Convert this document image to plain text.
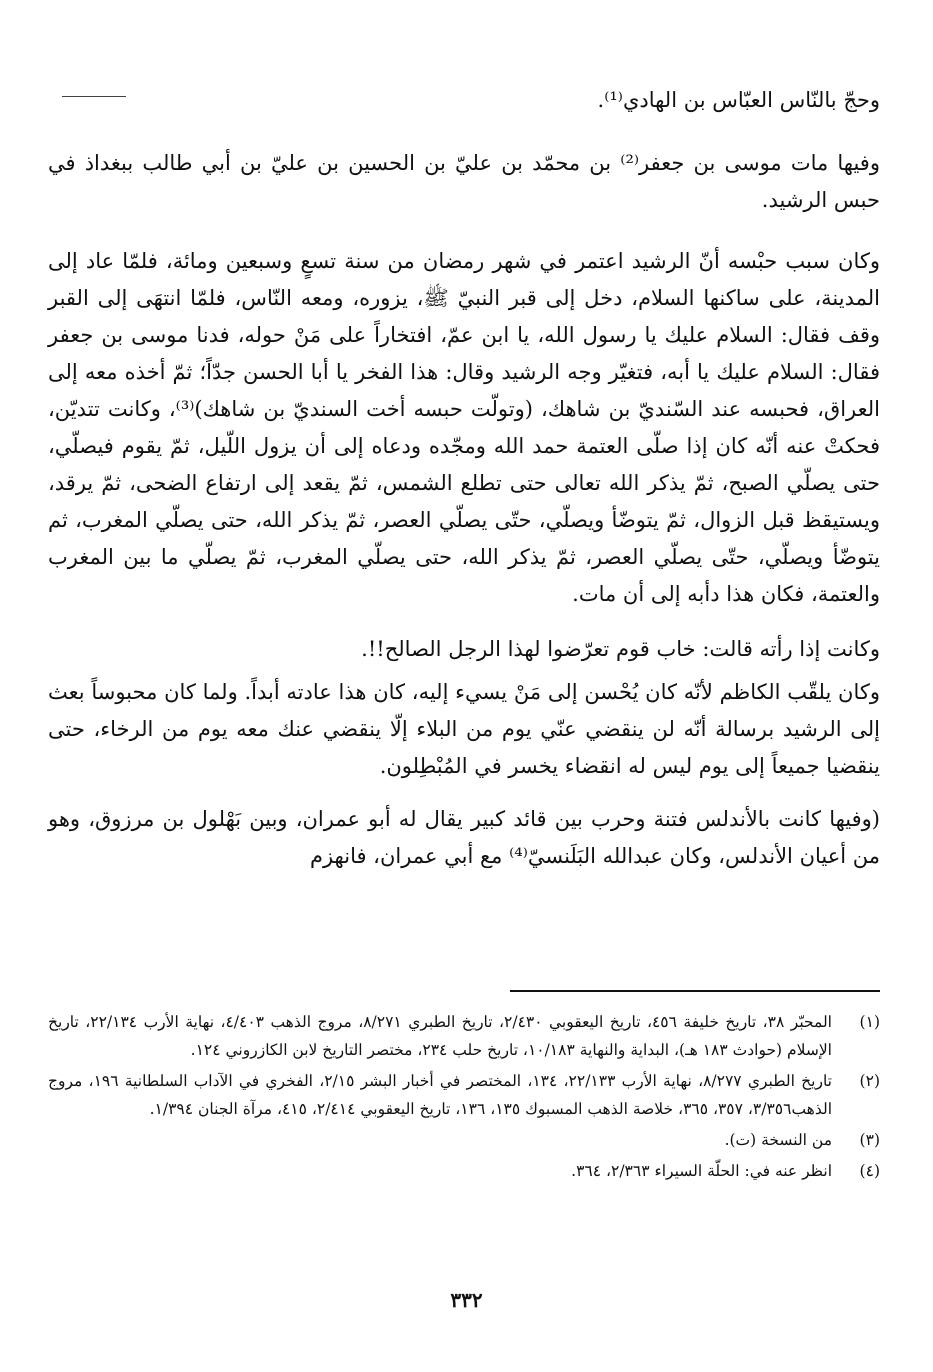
وحجّ بالنّاس العبّاس بن الهادي⁽¹⁾.

وفيها مات موسى بن جعفر⁽²⁾ بن محمّد بن عليّ بن الحسين بن عليّ بن أبي طالب ببغداذ في حبس الرشيد.

وكان سبب حبْسه أنّ الرشيد اعتمر في شهر رمضان من سنة تسعٍ وسبعين ومائة، فلمّا عاد إلى المدينة، على ساكنها السلام، دخل إلى قبر النبيّ ﷺ، يزوره، ومعه النّاس، فلمّا انتهَى إلى القبر وقف فقال: السلام عليك يا رسول الله، يا ابن عمّ، افتخاراً على مَنْ حوله، فدنا موسى بن جعفر فقال: السلام عليك يا أبه، فتغيّر وجه الرشيد وقال: هذا الفخر يا أبا الحسن جدّاً؛ ثمّ أخذه معه إلى العراق، فحبسه عند السّنديّ بن شاهك، (وتولّت حبسه أخت السنديّ بن شاهك)⁽³⁾، وكانت تتديّن، فحكتْ عنه أنّه كان إذا صلّى العتمة حمد الله ومجّده ودعاه إلى أن يزول اللّيل، ثمّ يقوم فيصلّي، حتى يصلّي الصبح، ثمّ يذكر الله تعالى حتى تطلع الشمس، ثمّ يقعد إلى ارتفاع الضحى، ثمّ يرقد، ويستيقظ قبل الزوال، ثمّ يتوضّأ ويصلّي، حتّى يصلّي العصر، ثمّ يذكر الله، حتى يصلّي المغرب، ثم يتوضّأ ويصلّي، حتّى يصلّي العصر، ثمّ يذكر الله، حتى يصلّي المغرب، ثمّ يصلّي ما بين المغرب والعتمة، فكان هذا دأبه إلى أن مات.

وكانت إذا رأته قالت: خاب قوم تعرّضوا لهذا الرجل الصالح!!.

وكان يلقّب الكاظم لأنّه كان يُحْسن إلى مَنْ يسيء إليه، كان هذا عادته أبداً. ولما كان محبوساً بعث إلى الرشيد برسالة أنّه لن ينقضي عنّي يوم من البلاء إلّا ينقضي عنك معه يوم من الرخاء، حتى ينقضيا جميعاً إلى يوم ليس له انقضاء يخسر في المُبْطِلون.

(وفيها كانت بالأندلس فتنة وحرب بين قائد كبير يقال له أبو عمران، وبين بَهْلول بن مرزوق، وهو من أعيان الأندلس، وكان عبدالله البَلَنسيّ⁽⁴⁾ مع أبي عمران، فانهزم

(١)
المحبّر ٣٨، تاريخ خليفة ٤٥٦، تاريخ اليعقوبي ٢/٤٣٠، تاريخ الطبري ٨/٢٧١، مروج الذهب ٤/٤٠٣، نهاية الأرب ٢٢/١٣٤، تاريخ الإسلام (حوادث ١٨٣ هـ)، البداية والنهاية ١٠/١٨٣، تاريخ حلب ٢٣٤، مختصر التاريخ لابن الكازروني ١٢٤.
(٢)
تاريخ الطبري ٨/٢٧٧، نهاية الأرب ٢٢/١٣٣، ١٣٤، المختصر في أخبار البشر ٢/١٥، الفخري في الآداب السلطانية ١٩٦، مروج الذهب٣/٣٥٦، ٣٥٧، ٣٦٥، خلاصة الذهب المسبوك ١٣٥، ١٣٦، تاريخ اليعقوبي ٢/٤١٤، ٤١٥، مرآة الجنان ١/٣٩٤.
(٣)
من النسخة (ت).
(٤)
انظر عنه في: الحلّة السيراء ٢/٣٦٣، ٣٦٤.
٣٣٢
